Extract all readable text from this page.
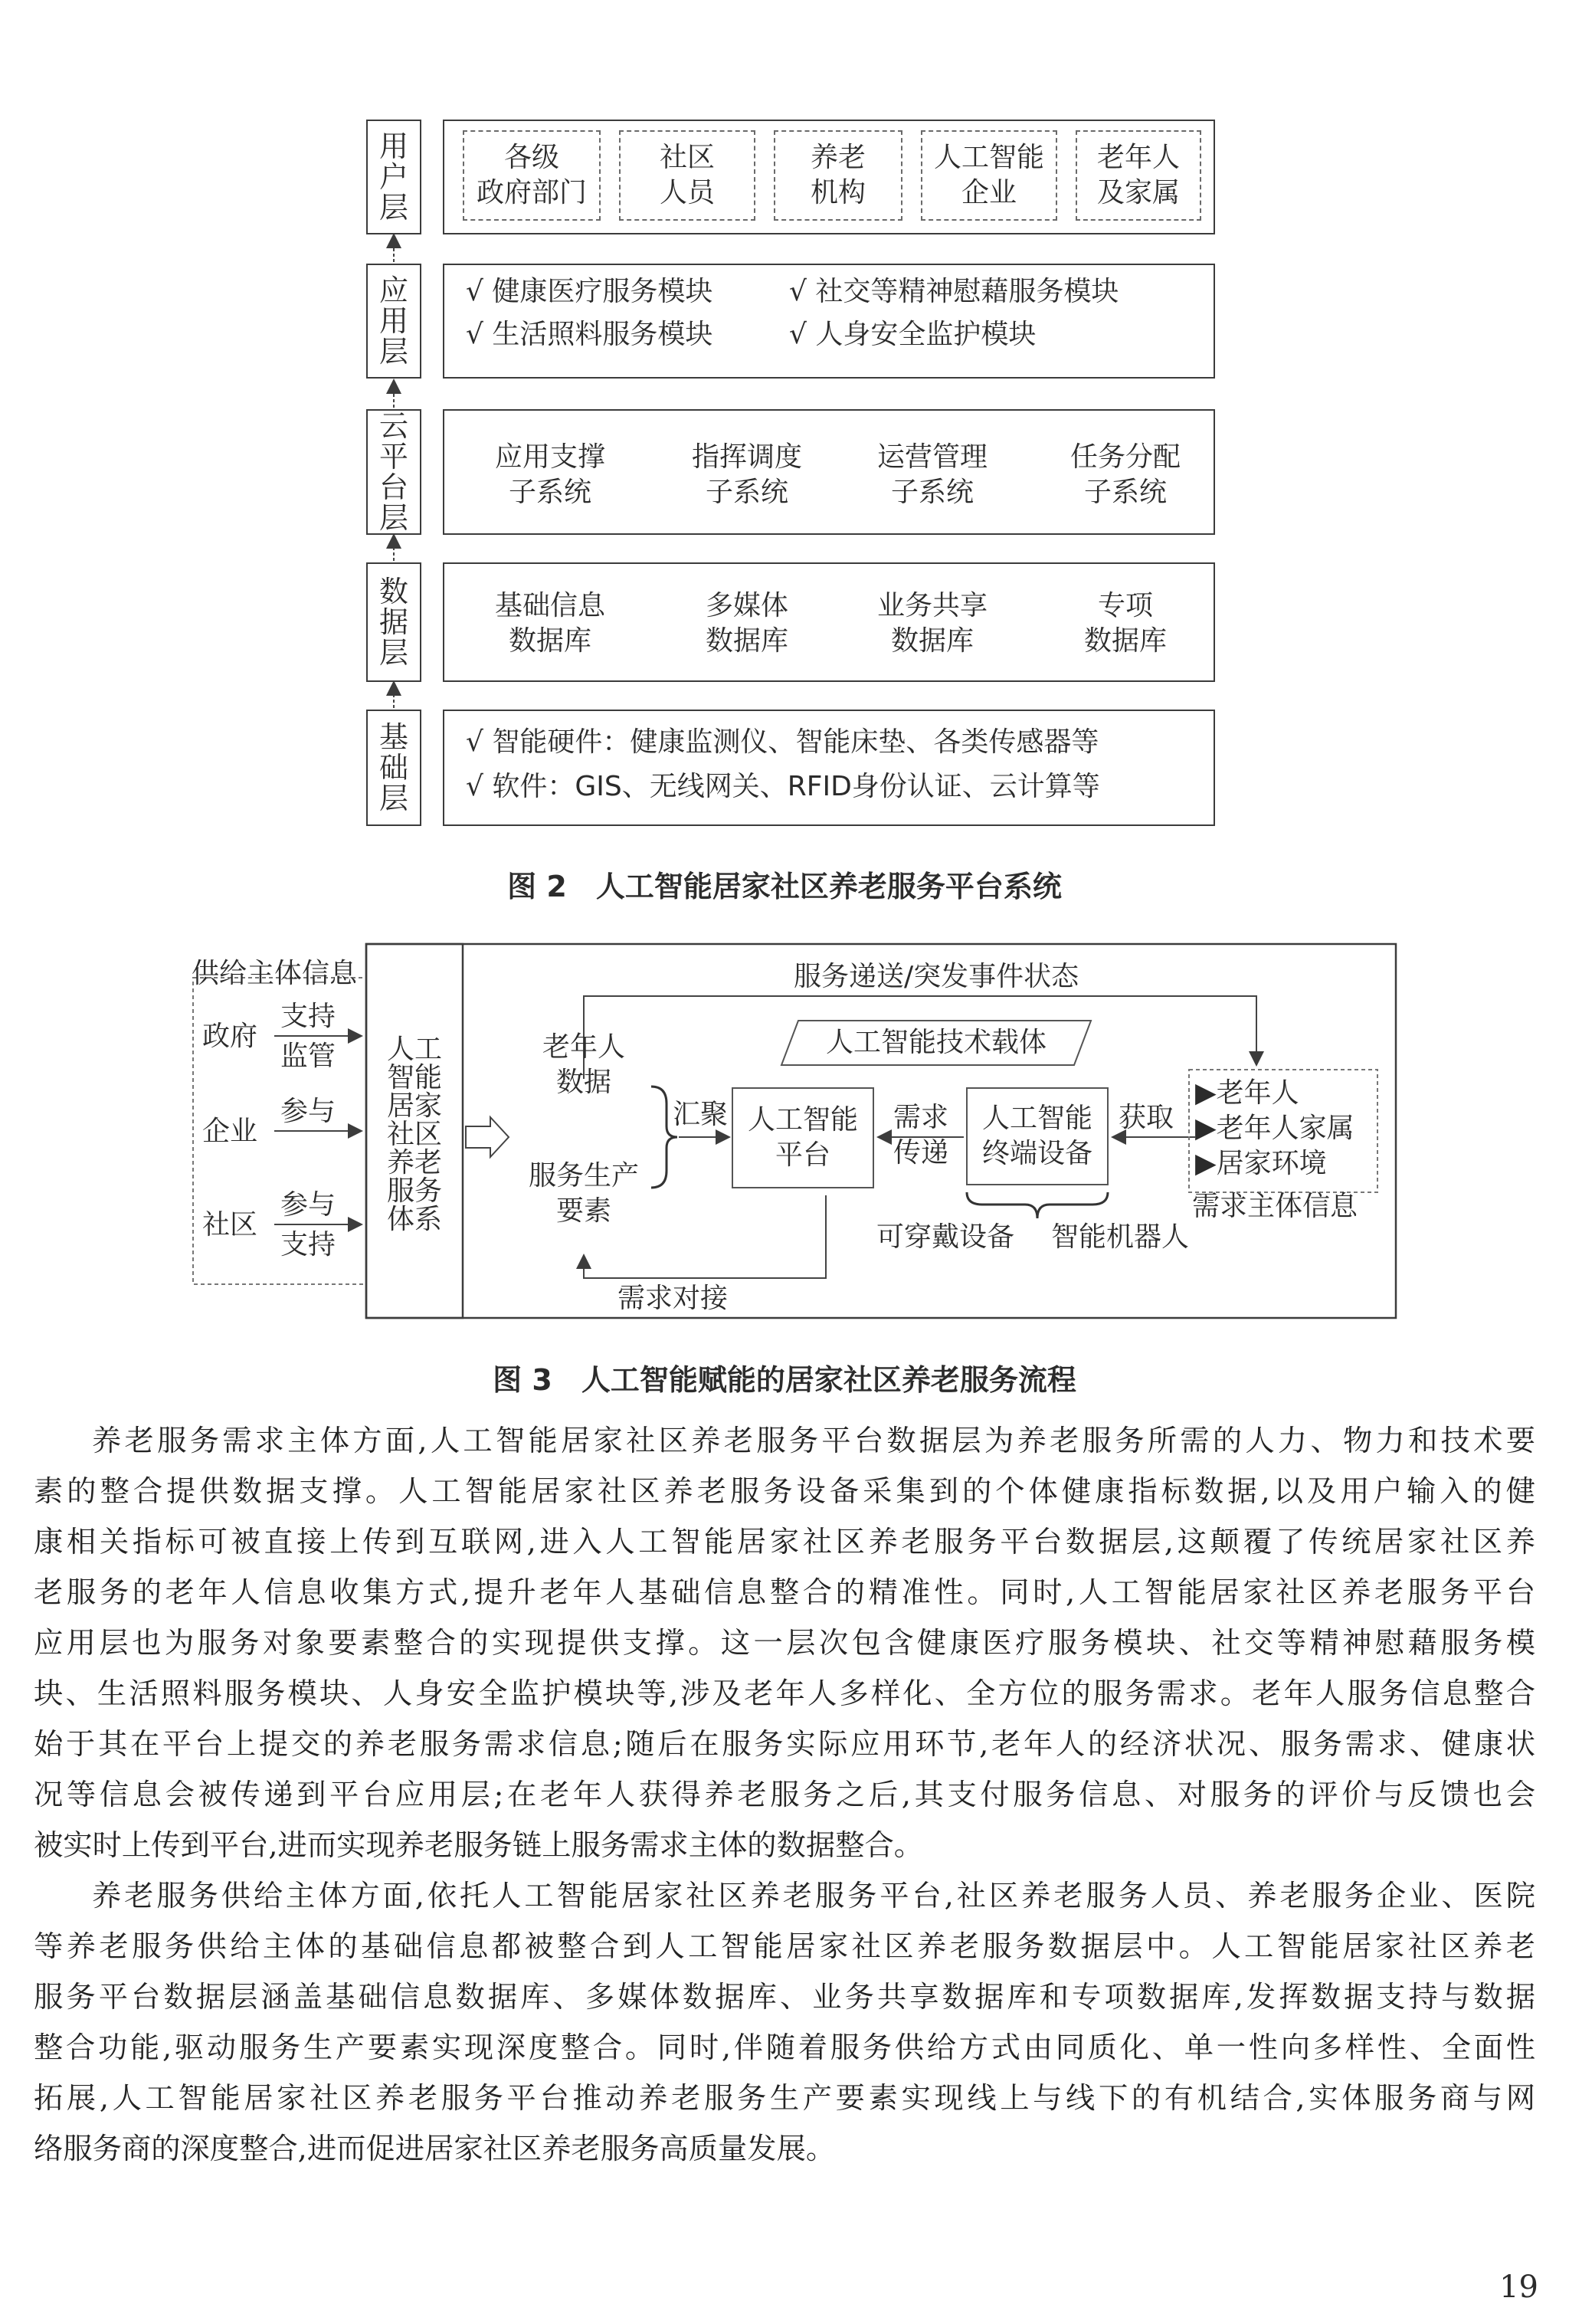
用
户
层
应
用
层
云
平
台
层
数
据
层
基
础
层
各级
政府部门
社区
人员
养老
机构
人工智能
企业
老年人
及家属
√ 健康医疗服务模块	√ 社交等精神慰藉服务模块
√ 生活照料服务模块	√ 人身安全监护模块
应用支撑
子系统
指挥调度
子系统
运营管理
子系统
任务分配
子系统
基础信息
数据库
多媒体
数据库
业务共享
数据库
专项
数据库
√ 智能硬件：健康监测仪、智能床垫、各类传感器等
√ 软件：GIS、无线网关、RFID身份认证、云计算等
图 2　人工智能居家社区养老服务平台系统
供给主体信息
政府
支持
监管
企业
参与
社区
参与
支持
人工
智能
居家
社区
养老
服务
体系
服务递送/突发事件状态
人工智能技术载体
老年人
数据
服务生产
要素
汇聚 人工智能
平台
需求
传递
人工智能
终端设备
获取
▶老年人
▶老年人家属
▶居家环境
需求主体信息
可穿戴设备 智能机器人
需求对接
图 3　人工智能赋能的居家社区养老服务流程
养老服务需求主体方面,人工智能居家社区养老服务平台数据层为养老服务所需的人力、物力和技术要
素的整合提供数据支撑。人工智能居家社区养老服务设备采集到的个体健康指标数据,以及用户输入的健
康相关指标可被直接上传到互联网,进入人工智能居家社区养老服务平台数据层,这颠覆了传统居家社区养
老服务的老年人信息收集方式,提升老年人基础信息整合的精准性。同时,人工智能居家社区养老服务平台
应用层也为服务对象要素整合的实现提供支撑。这一层次包含健康医疗服务模块、社交等精神慰藉服务模
块、生活照料服务模块、人身安全监护模块等,涉及老年人多样化、全方位的服务需求。老年人服务信息整合
始于其在平台上提交的养老服务需求信息;随后在服务实际应用环节,老年人的经济状况、服务需求、健康状
况等信息会被传递到平台应用层;在老年人获得养老服务之后,其支付服务信息、对服务的评价与反馈也会
被实时上传到平台,进而实现养老服务链上服务需求主体的数据整合。
养老服务供给主体方面,依托人工智能居家社区养老服务平台,社区养老服务人员、养老服务企业、医院
等养老服务供给主体的基础信息都被整合到人工智能居家社区养老服务数据层中。人工智能居家社区养老
服务平台数据层涵盖基础信息数据库、多媒体数据库、业务共享数据库和专项数据库,发挥数据支持与数据
整合功能,驱动服务生产要素实现深度整合。同时,伴随着服务供给方式由同质化、单一性向多样性、全面性
拓展,人工智能居家社区养老服务平台推动养老服务生产要素实现线上与线下的有机结合,实体服务商与网
络服务商的深度整合,进而促进居家社区养老服务高质量发展。
19
